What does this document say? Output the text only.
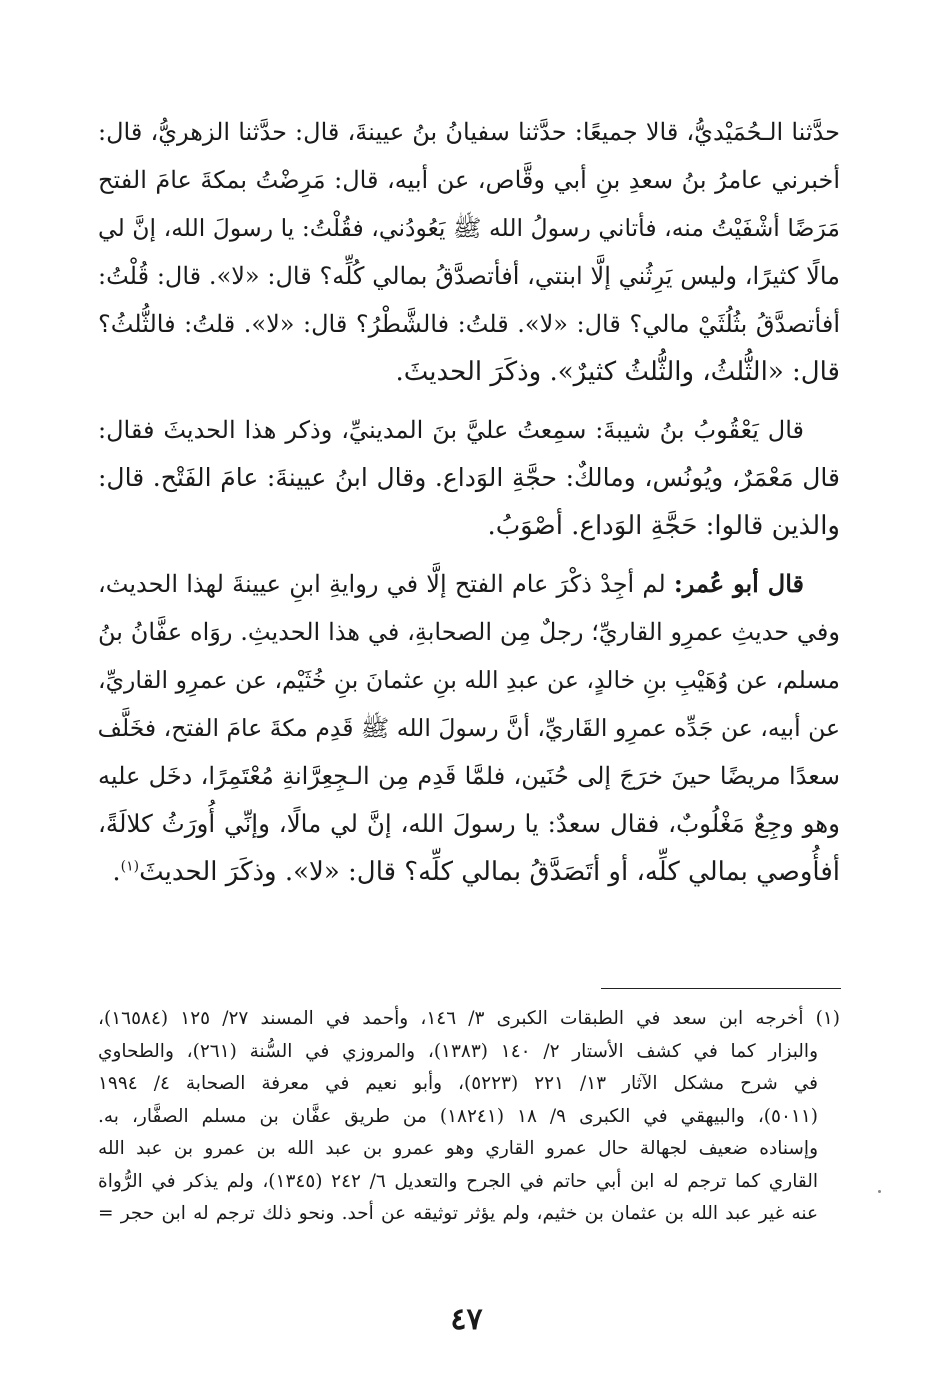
حدَّثنا الـحُمَيْديُّ، قالا جميعًا: حدَّثنا سفيانُ بنُ عيينةَ، قال: حدَّثنا الزهريُّ، قال:
أخبرني عامرُ بنُ سعدِ بنِ أبي وقَّاص، عن أبيه، قال: مَرِضْتُ بمكةَ عامَ الفتح
مَرَضًا أشْفَيْتُ منه، فأتاني رسولُ الله ﷺ يَعُودُني، فقُلْتُ: يا رسولَ الله، إنَّ لي
مالًا كثيرًا، وليس يَرِثُني إلَّا ابنتي، أفأتصدَّقُ بمالي كُلِّه؟ قال: «لا». قال: قُلْتُ:
أفأتصدَّقُ بثُلُثَيْ مالي؟ قال: «لا». قلتُ: فالشَّطْرُ؟ قال: «لا». قلتُ: فالثُّلثُ؟
قال: «الثُّلثُ، والثُّلثُ كثيرٌ». وذكَرَ الحديثَ.
قال يَعْقُوبُ بنُ شيبةَ: سمِعتُ عليَّ بنَ المدينيِّ، وذكر هذا الحديثَ فقال:
قال مَعْمَرٌ، ويُونُس، ومالكٌ: حجَّةِ الوَداع. وقال ابنُ عيينةَ: عامَ الفَتْح. قال:
والذين قالوا: حَجَّةِ الوَداع. أصْوَبُ.
قال أبو عُمر: لم أجِدْ ذكْرَ عام الفتح إلَّا في روايةِ ابنِ عيينةَ لهذا الحديث،
وفي حديثِ عمرِو القاريِّ؛ رجلٌ مِن الصحابةِ، في هذا الحديثِ. روَاه عفَّانُ بنُ
مسلم، عن وُهَيْبِ بنِ خالدٍ، عن عبدِ الله بنِ عثمانَ بنِ خُثَيْم، عن عمرِو القاريِّ،
عن أبيه، عن جَدِّه عمرِو القَاريِّ، أنَّ رسولَ الله ﷺ قَدِم مكةَ عامَ الفتح، فخَلَّف
سعدًا مريضًا حينَ خرَجَ إلى حُنَين، فلمَّا قَدِم مِن الـجِعِرَّانةِ مُعْتَمِرًا، دخَل عليه
وهو وجِعٌ مَغْلُوبٌ، فقال سعدٌ: يا رسولَ الله، إنَّ لي مالًا، وإنِّي أُورَثُ كلالَةً،
أفأُوصي بمالي كلِّه، أو أتَصَدَّقُ بمالي كلِّه؟ قال: «لا». وذكَرَ الحديثَ$^{(١)}$.
(١) أخرجه ابن سعد في الطبقات الكبرى ٣/ ١٤٦، وأحمد في المسند ٢٧/ ١٢٥ (١٦٥٨٤)،
والبزار كما في كشف الأستار ٢/ ١٤٠ (١٣٨٣)، والمروزي في السُّنة (٢٦١)، والطحاوي
في شرح مشكل الآثار ١٣/ ٢٢١ (٥٢٢٣)، وأبو نعيم في معرفة الصحابة ٤/ ١٩٩٤
(٥٠١١)، والبيهقي في الكبرى ٩/ ١٨ (١٨٢٤١) من طريق عفَّان بن مسلم الصفَّار، به.
وإسناده ضعيف لجهالة حال عمرو القاري وهو عمرو بن عبد الله بن عمرو بن عبد الله
القاري كما ترجم له ابن أبي حاتم في الجرح والتعديل ٦/ ٢٤٢ (١٣٤٥)، ولم يذكر في الرُّواة
عنه غير عبد الله بن عثمان بن خثيم، ولم يؤثر توثيقه عن أحد. ونحو ذلك ترجم له ابن حجر =
٤٧
